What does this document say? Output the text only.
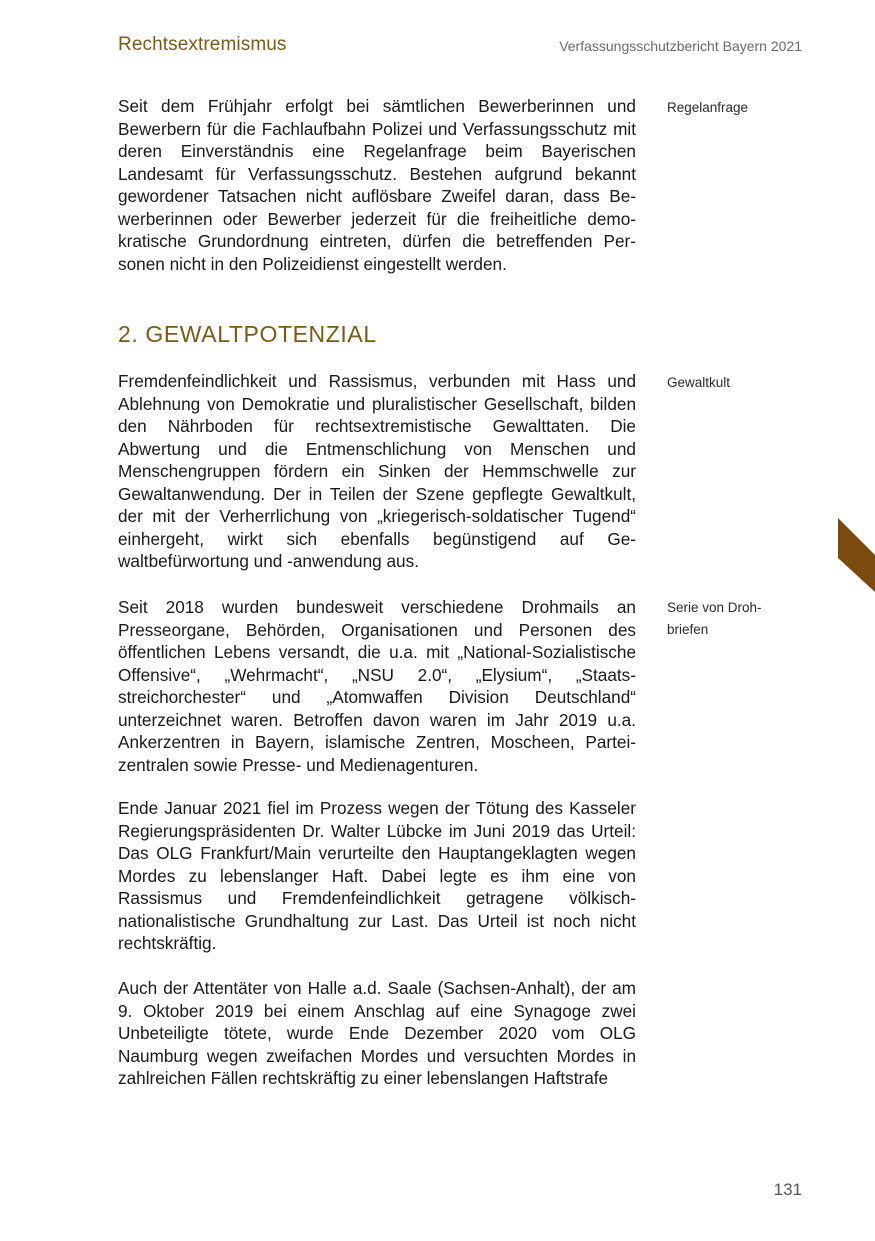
Rechtsextremismus	Verfassungsschutzbericht Bayern 2021

Seit dem Frühjahr erfolgt bei sämtlichen Bewerberinnen und Bewerbern für die Fachlaufbahn Polizei und Verfassungsschutz mit deren Einverständnis eine Regelanfrage beim Bayerischen Landesamt für Verfassungsschutz. Bestehen aufgrund bekannt gewordener Tatsachen nicht auflösbare Zweifel daran, dass Bewerberinnen oder Bewerber jederzeit für die freiheitliche demokratische Grundordnung eintreten, dürfen die betreffenden Personen nicht in den Polizeidienst eingestellt werden.

Regelanfrage
2. GEWALTPOTENZIAL

Fremdenfeindlichkeit und Rassismus, verbunden mit Hass und Ablehnung von Demokratie und pluralistischer Gesellschaft, bilden den Nährboden für rechtsextremistische Gewalttaten. Die Abwertung und die Entmenschlichung von Menschen und Menschengruppen fördern ein Sinken der Hemmschwelle zur Gewaltanwendung. Der in Teilen der Szene gepflegte Gewaltkult, der mit der Verherrlichung von „kriegerisch-soldatischer Tugend“ einhergeht, wirkt sich ebenfalls begünstigend auf Gewaltbefürwortung und -anwendung aus.

Gewaltkult

Seit 2018 wurden bundesweit verschiedene Drohmails an Presseorgane, Behörden, Organisationen und Personen des öffentlichen Lebens versandt, die u.a. mit „National-Sozialistische Offensive“, „Wehrmacht“, „NSU 2.0“, „Elysium“, „Staatsstreichorchester“ und „Atomwaffen Division Deutschland“ unterzeichnet waren. Betroffen davon waren im Jahr 2019 u.a. Ankerzentren in Bayern, islamische Zentren, Moscheen, Parteizentralen sowie Presse- und Medienagenturen.

Serie von Drohbriefen

Ende Januar 2021 fiel im Prozess wegen der Tötung des Kasseler Regierungspräsidenten Dr. Walter Lübcke im Juni 2019 das Urteil: Das OLG Frankfurt/Main verurteilte den Hauptangeklagten wegen Mordes zu lebenslanger Haft. Dabei legte es ihm eine von Rassismus und Fremdenfeindlichkeit getragene völkisch-nationalistische Grundhaltung zur Last. Das Urteil ist noch nicht rechtskräftig.

Auch der Attentäter von Halle a.d. Saale (Sachsen-Anhalt), der am 9. Oktober 2019 bei einem Anschlag auf eine Synagoge zwei Unbeteiligte tötete, wurde Ende Dezember 2020 vom OLG Naumburg wegen zweifachen Mordes und versuchten Mordes in zahlreichen Fällen rechtskräftig zu einer lebenslangen Haftstrafe

131
